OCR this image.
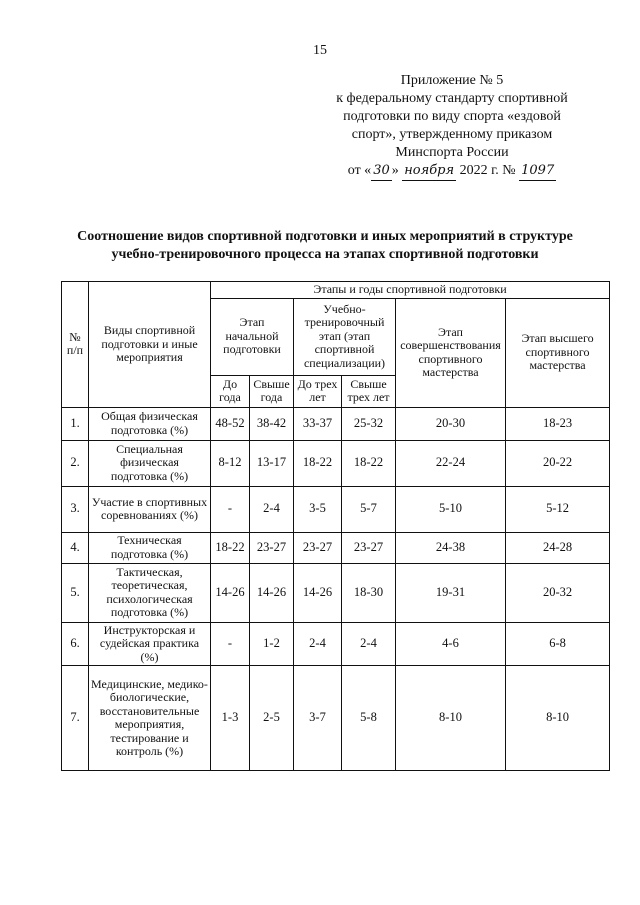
15
Приложение № 5
к федеральному стандарту спортивной
подготовки по виду спорта «ездовой
спорт», утвержденному приказом
Минспорта России
от « 30 » ноября 2022 г. № 1097
Соотношение видов спортивной подготовки и иных мероприятий в структуре
учебно-тренировочного процесса на этапах спортивной подготовки
№ п/п	Виды спортивной подготовки и иные мероприятия	Этапы и годы спортивной подготовки					
		Этап начальной подготовки		Учебно-тренировочный этап (этап спортивной специализации)		Этап совершенствования спортивного мастерства	Этап высшего спортивного мастерства
		До года	Свыше года	До трех лет	Свыше трех лет		
1.	Общая физическая подготовка (%)	48-52	38-42	33-37	25-32	20-30	18-23
2.	Специальная физическая подготовка (%)	8-12	13-17	18-22	18-22	22-24	20-22
3.	Участие в спортивных соревнованиях (%)	-	2-4	3-5	5-7	5-10	5-12
4.	Техническая подготовка (%)	18-22	23-27	23-27	23-27	24-38	24-28
5.	Тактическая, теоретическая, психологическая подготовка (%)	14-26	14-26	14-26	18-30	19-31	20-32
6.	Инструкторская и судейская практика (%)	-	1-2	2-4	2-4	4-6	6-8
7.	Медицинские, медико-биологические, восстановительные мероприятия, тестирование и контроль (%)	1-3	2-5	3-7	5-8	8-10	8-10
